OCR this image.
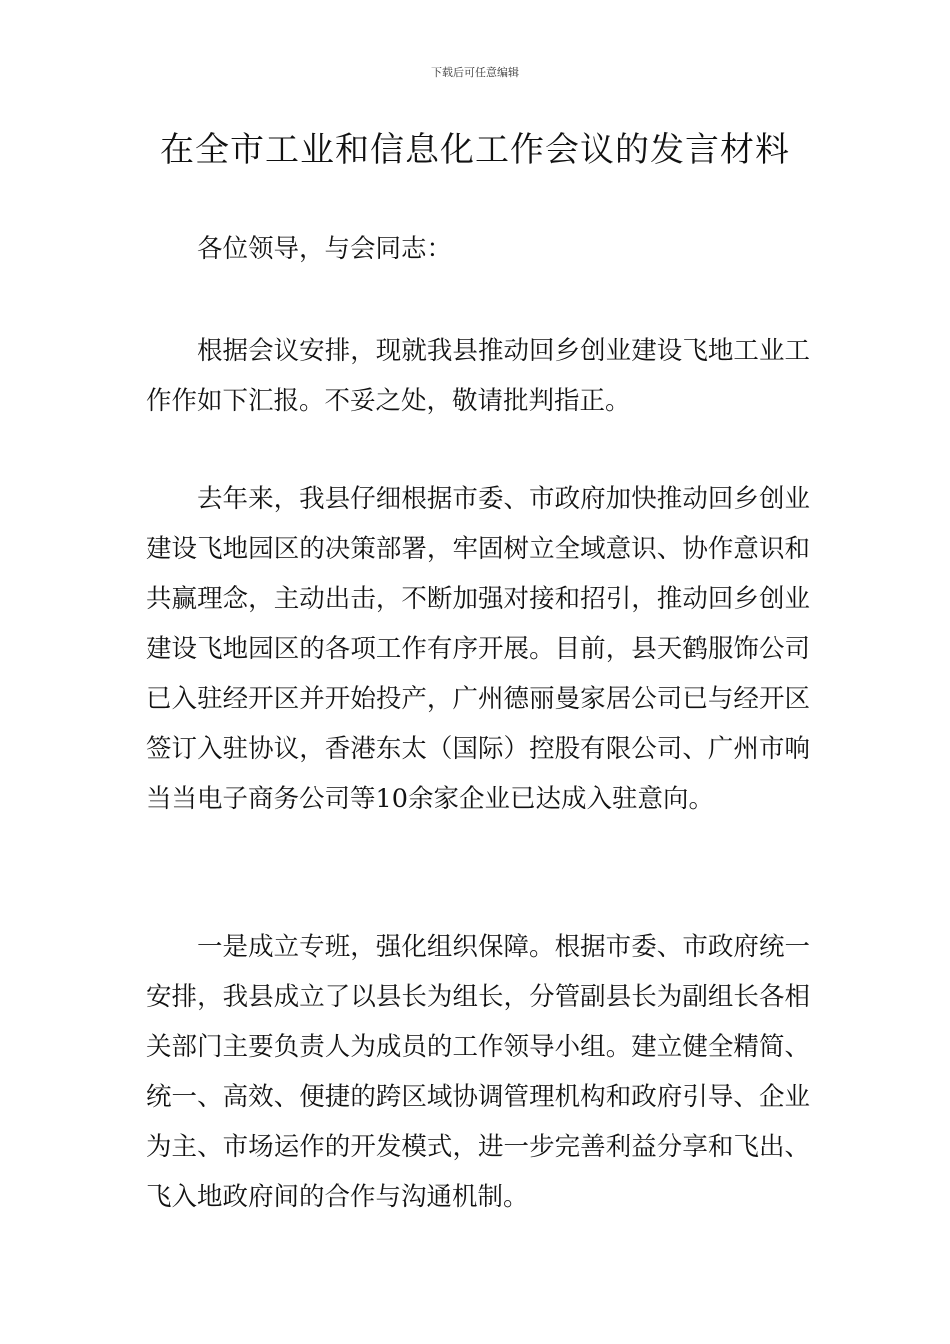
下载后可任意编辑
在全市工业和信息化工作会议的发言材料

各位领导，与会同志：

根据会议安排，现就我县推动回乡创业建设飞地工业工作作如下汇报。不妥之处，敬请批判指正。

去年来，我县仔细根据市委、市政府加快推动回乡创业建设飞地园区的决策部署，牢固树立全域意识、协作意识和共赢理念，主动出击，不断加强对接和招引，推动回乡创业建设飞地园区的各项工作有序开展。目前，县天鹤服饰公司已入驻经开区并开始投产，广州德丽曼家居公司已与经开区签订入驻协议，香港东太（国际）控股有限公司、广州市响当当电子商务公司等10余家企业已达成入驻意向。

一是成立专班，强化组织保障。根据市委、市政府统一安排，我县成立了以县长为组长，分管副县长为副组长各相关部门主要负责人为成员的工作领导小组。建立健全精简、统一、高效、便捷的跨区域协调管理机构和政府引导、企业为主、市场运作的开发模式，进一步完善利益分享和飞出、飞入地政府间的合作与沟通机制。
